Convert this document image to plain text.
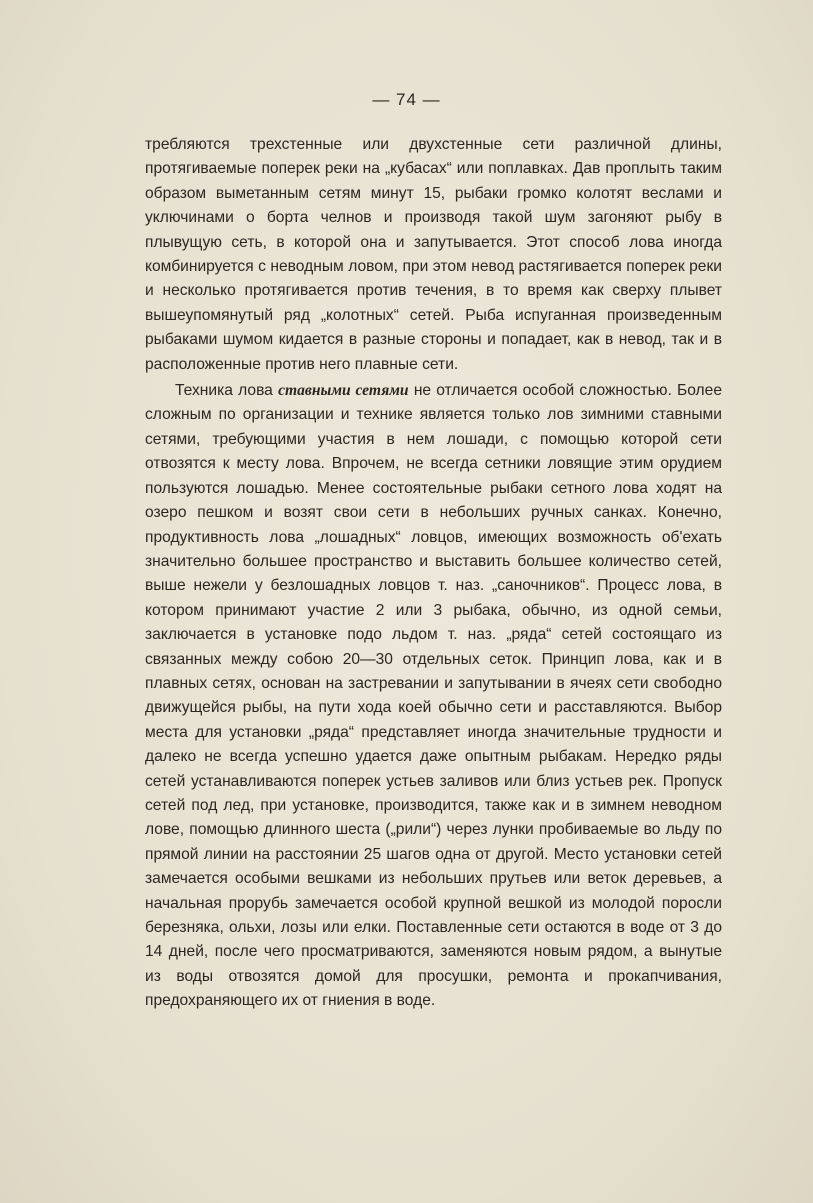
— 74 —

требляются трехстенные или двухстенные сети различной длины, протягиваемые поперек реки на „кубасах“ или поплавках. Дав проплыть таким образом выметанным сетям минут 15, рыбаки громко колотят веслами и уключинами о борта челнов и производя такой шум загоняют рыбу в плывущую сеть, в которой она и запутывается. Этот способ лова иногда комбинируется с неводным ловом, при этом невод растягивается поперек реки и несколько протягивается против течения, в то время как сверху плывет вышеупомянутый ряд „колотных“ сетей. Рыба испуганная произведенным рыбаками шумом кидается в разные стороны и попадает, как в невод, так и в расположенные против него плавные сети.

Техника лова ставными сетями не отличается особой сложностью. Более сложным по организации и технике является только лов зимними ставными сетями, требующими участия в нем лошади, с помощью которой сети отвозятся к месту лова. Впрочем, не всегда сетники ловящие этим орудием пользуются лошадью. Менее состоятельные рыбаки сетного лова ходят на озеро пешком и возят свои сети в небольших ручных санках. Конечно, продуктивность лова „лошадных“ ловцов, имеющих возможность об'ехать значительно большее пространство и выставить большее количество сетей, выше нежели у безлошадных ловцов т. наз. „саночников“. Процесс лова, в котором принимают участие 2 или 3 рыбака, обычно, из одной семьи, заключается в установке подо льдом т. наз. „ряда“ сетей состоящаго из связанных между собою 20—30 отдельных сеток. Принцип лова, как и в плавных сетях, основан на застревании и запутывании в ячеях сети свободно движущейся рыбы, на пути хода коей обычно сети и расставляются. Выбор места для установки „ряда“ представляет иногда значительные трудности и далеко не всегда успешно удается даже опытным рыбакам. Нередко ряды сетей устанавливаются поперек устьев заливов или близ устьев рек. Пропуск сетей под лед, при установке, производится, также как и в зимнем неводном лове, помощью длинного шеста („рили“) через лунки пробиваемые во льду по прямой линии на расстоянии 25 шагов одна от другой. Место установки сетей замечается особыми вешками из небольших прутьев или веток деревьев, а начальная прорубь замечается особой крупной вешкой из молодой поросли березняка, ольхи, лозы или елки. Поставленные сети остаются в воде от 3 до 14 дней, после чего просматриваются, заменяются новым рядом, а вынутые из воды отвозятся домой для просушки, ремонта и прокапчивания, предохраняющего их от гниения в воде.
